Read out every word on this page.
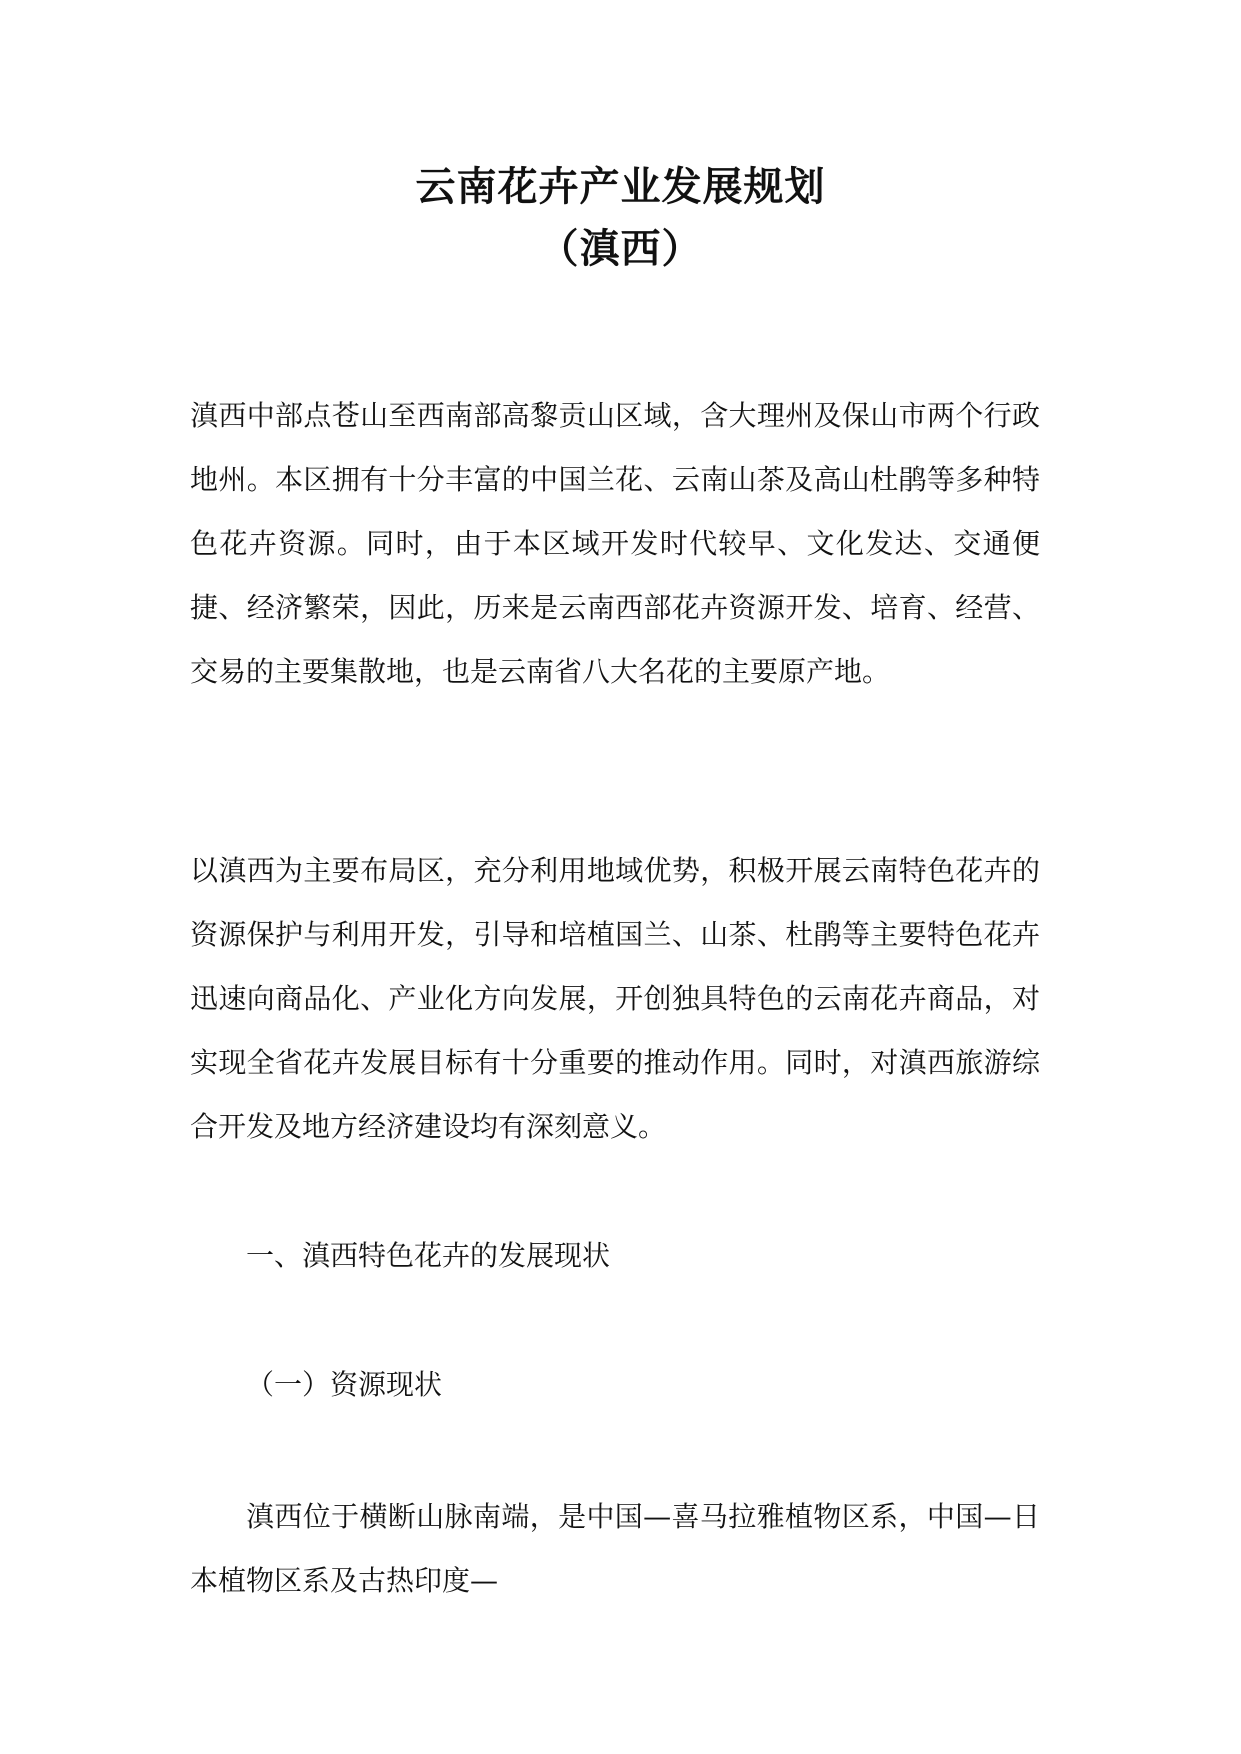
云南花卉产业发展规划
（滇西）

滇西中部点苍山至西南部高黎贡山区域，含大理州及保山市两个行政地州。本区拥有十分丰富的中国兰花、云南山茶及高山杜鹃等多种特色花卉资源。同时，由于本区域开发时代较早、文化发达、交通便捷、经济繁荣，因此，历来是云南西部花卉资源开发、培育、经营、交易的主要集散地，也是云南省八大名花的主要原产地。

以滇西为主要布局区，充分利用地域优势，积极开展云南特色花卉的资源保护与利用开发，引导和培植国兰、山茶、杜鹃等主要特色花卉迅速向商品化、产业化方向发展，开创独具特色的云南花卉商品，对实现全省花卉发展目标有十分重要的推动作用。同时，对滇西旅游综合开发及地方经济建设均有深刻意义。

一、滇西特色花卉的发展现状

（一）资源现状

滇西位于横断山脉南端，是中国—喜马拉雅植物区系，中国—日本植物区系及古热印度—
